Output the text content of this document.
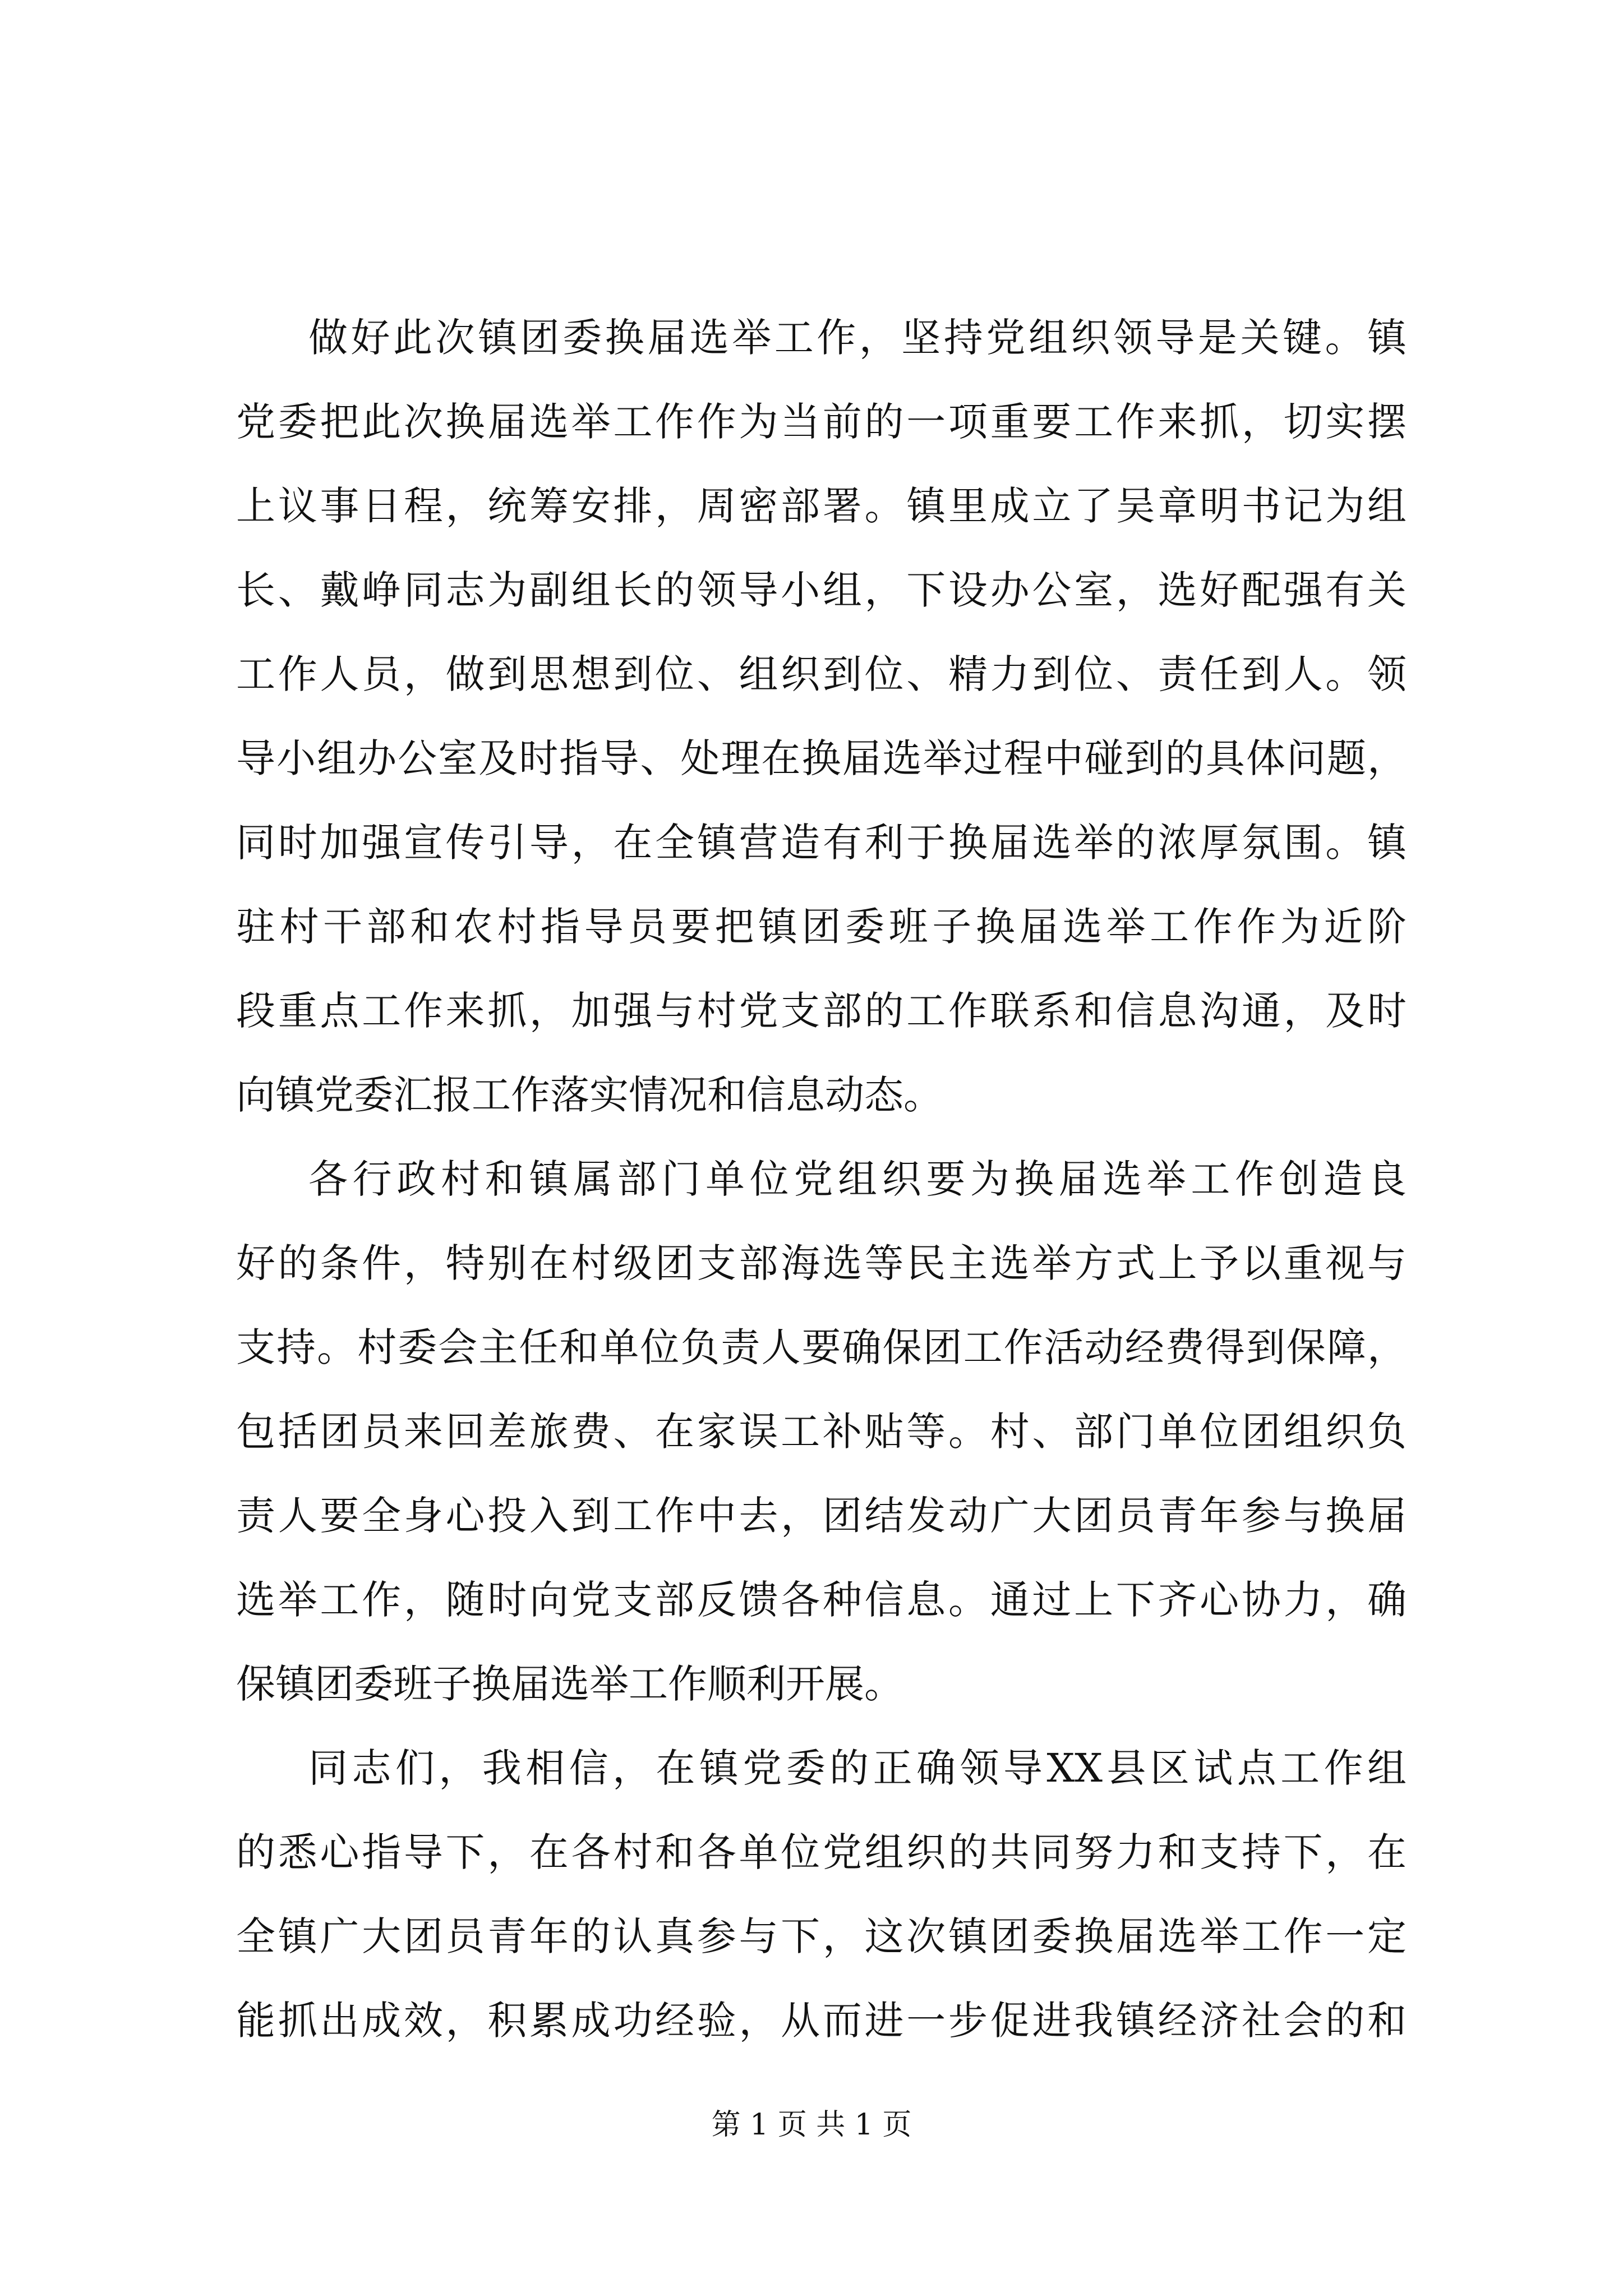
做好此次镇团委换届选举工作，坚持党组织领导是关键。镇

党委把此次换届选举工作作为当前的一项重要工作来抓，切实摆

上议事日程，统筹安排，周密部署。镇里成立了吴章明书记为组

长、戴峥同志为副组长的领导小组，下设办公室，选好配强有关

工作人员，做到思想到位、组织到位、精力到位、责任到人。领

导小组办公室及时指导、处理在换届选举过程中碰到的具体问题，

同时加强宣传引导，在全镇营造有利于换届选举的浓厚氛围。镇

驻村干部和农村指导员要把镇团委班子换届选举工作作为近阶

段重点工作来抓，加强与村党支部的工作联系和信息沟通，及时

向镇党委汇报工作落实情况和信息动态。

各行政村和镇属部门单位党组织要为换届选举工作创造良

好的条件，特别在村级团支部海选等民主选举方式上予以重视与

支持。村委会主任和单位负责人要确保团工作活动经费得到保障，

包括团员来回差旅费、在家误工补贴等。村、部门单位团组织负

责人要全身心投入到工作中去，团结发动广大团员青年参与换届

选举工作，随时向党支部反馈各种信息。通过上下齐心协力，确

保镇团委班子换届选举工作顺利开展。

同志们，我相信，在镇党委的正确领导XX县区试点工作组

的悉心指导下，在各村和各单位党组织的共同努力和支持下，在

全镇广大团员青年的认真参与下，这次镇团委换届选举工作一定

能抓出成效，积累成功经验，从而进一步促进我镇经济社会的和

第 1 页 共 1 页
